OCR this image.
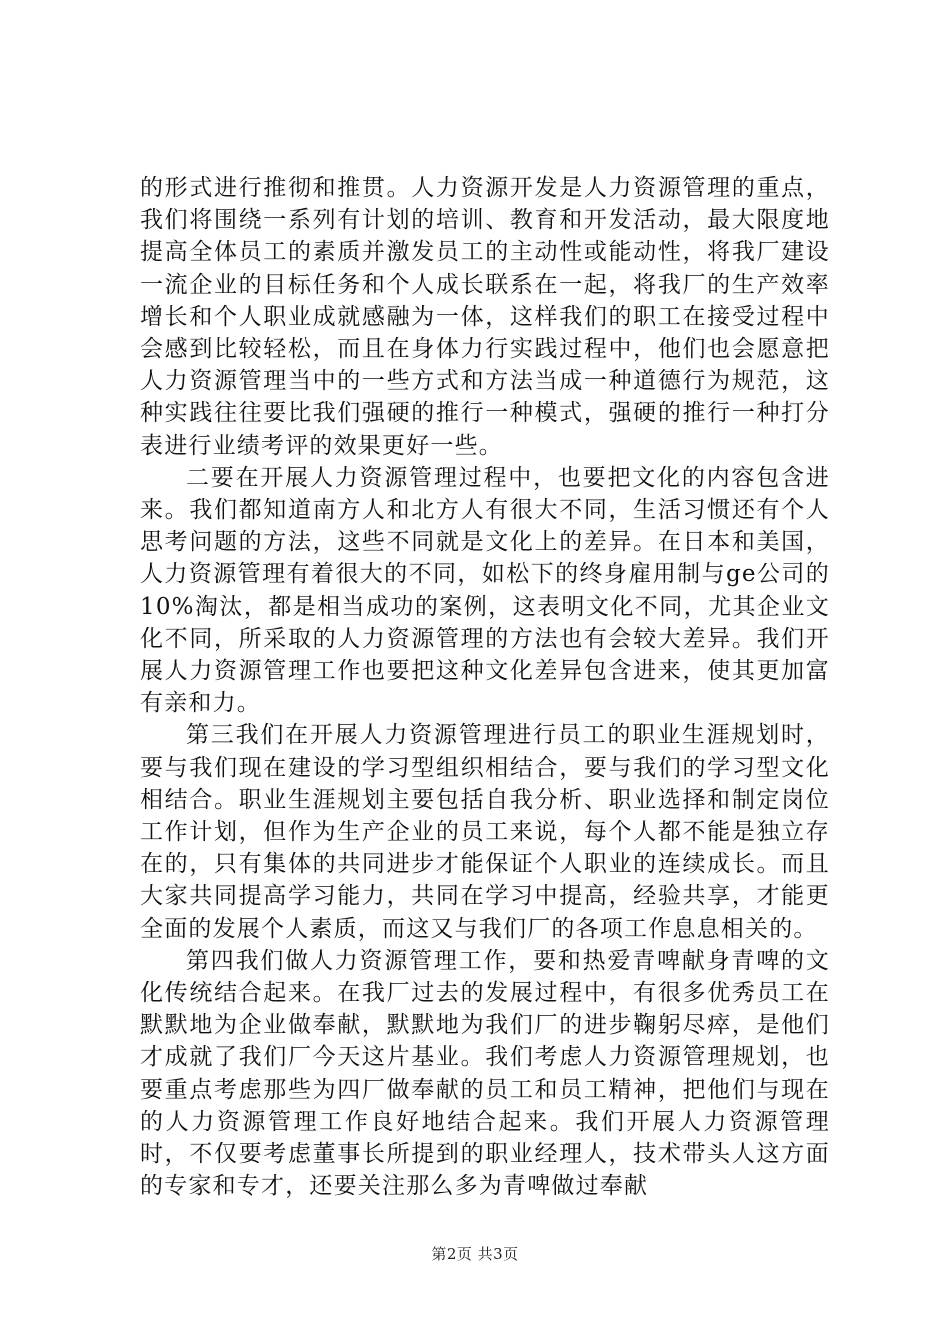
的形式进行推彻和推贯。人力资源开发是人力资源管理的重点，我们将围绕一系列有计划的培训、教育和开发活动，最大限度地提高全体员工的素质并激发员工的主动性或能动性，将我厂建设一流企业的目标任务和个人成长联系在一起，将我厂的生产效率增长和个人职业成就感融为一体，这样我们的职工在接受过程中会感到比较轻松，而且在身体力行实践过程中，他们也会愿意把人力资源管理当中的一些方式和方法当成一种道德行为规范，这种实践往往要比我们强硬的推行一种模式，强硬的推行一种打分表进行业绩考评的效果更好一些。

二要在开展人力资源管理过程中，也要把文化的内容包含进来。我们都知道南方人和北方人有很大不同，生活习惯还有个人思考问题的方法，这些不同就是文化上的差异。在日本和美国，人力资源管理有着很大的不同，如松下的终身雇用制与ge公司的10%淘汰，都是相当成功的案例，这表明文化不同，尤其企业文化不同，所采取的人力资源管理的方法也有会较大差异。我们开展人力资源管理工作也要把这种文化差异包含进来，使其更加富有亲和力。

第三我们在开展人力资源管理进行员工的职业生涯规划时，要与我们现在建设的学习型组织相结合，要与我们的学习型文化相结合。职业生涯规划主要包括自我分析、职业选择和制定岗位工作计划，但作为生产企业的员工来说，每个人都不能是独立存在的，只有集体的共同进步才能保证个人职业的连续成长。而且大家共同提高学习能力，共同在学习中提高，经验共享，才能更全面的发展个人素质，而这又与我们厂的各项工作息息相关的。

第四我们做人力资源管理工作，要和热爱青啤献身青啤的文化传统结合起来。在我厂过去的发展过程中，有很多优秀员工在默默地为企业做奉献，默默地为我们厂的进步鞠躬尽瘁，是他们才成就了我们厂今天这片基业。我们考虑人力资源管理规划，也要重点考虑那些为四厂做奉献的员工和员工精神，把他们与现在的人力资源管理工作良好地结合起来。我们开展人力资源管理时，不仅要考虑董事长所提到的职业经理人，技术带头人这方面的专家和专才，还要关注那么多为青啤做过奉献

第2页 共3页
